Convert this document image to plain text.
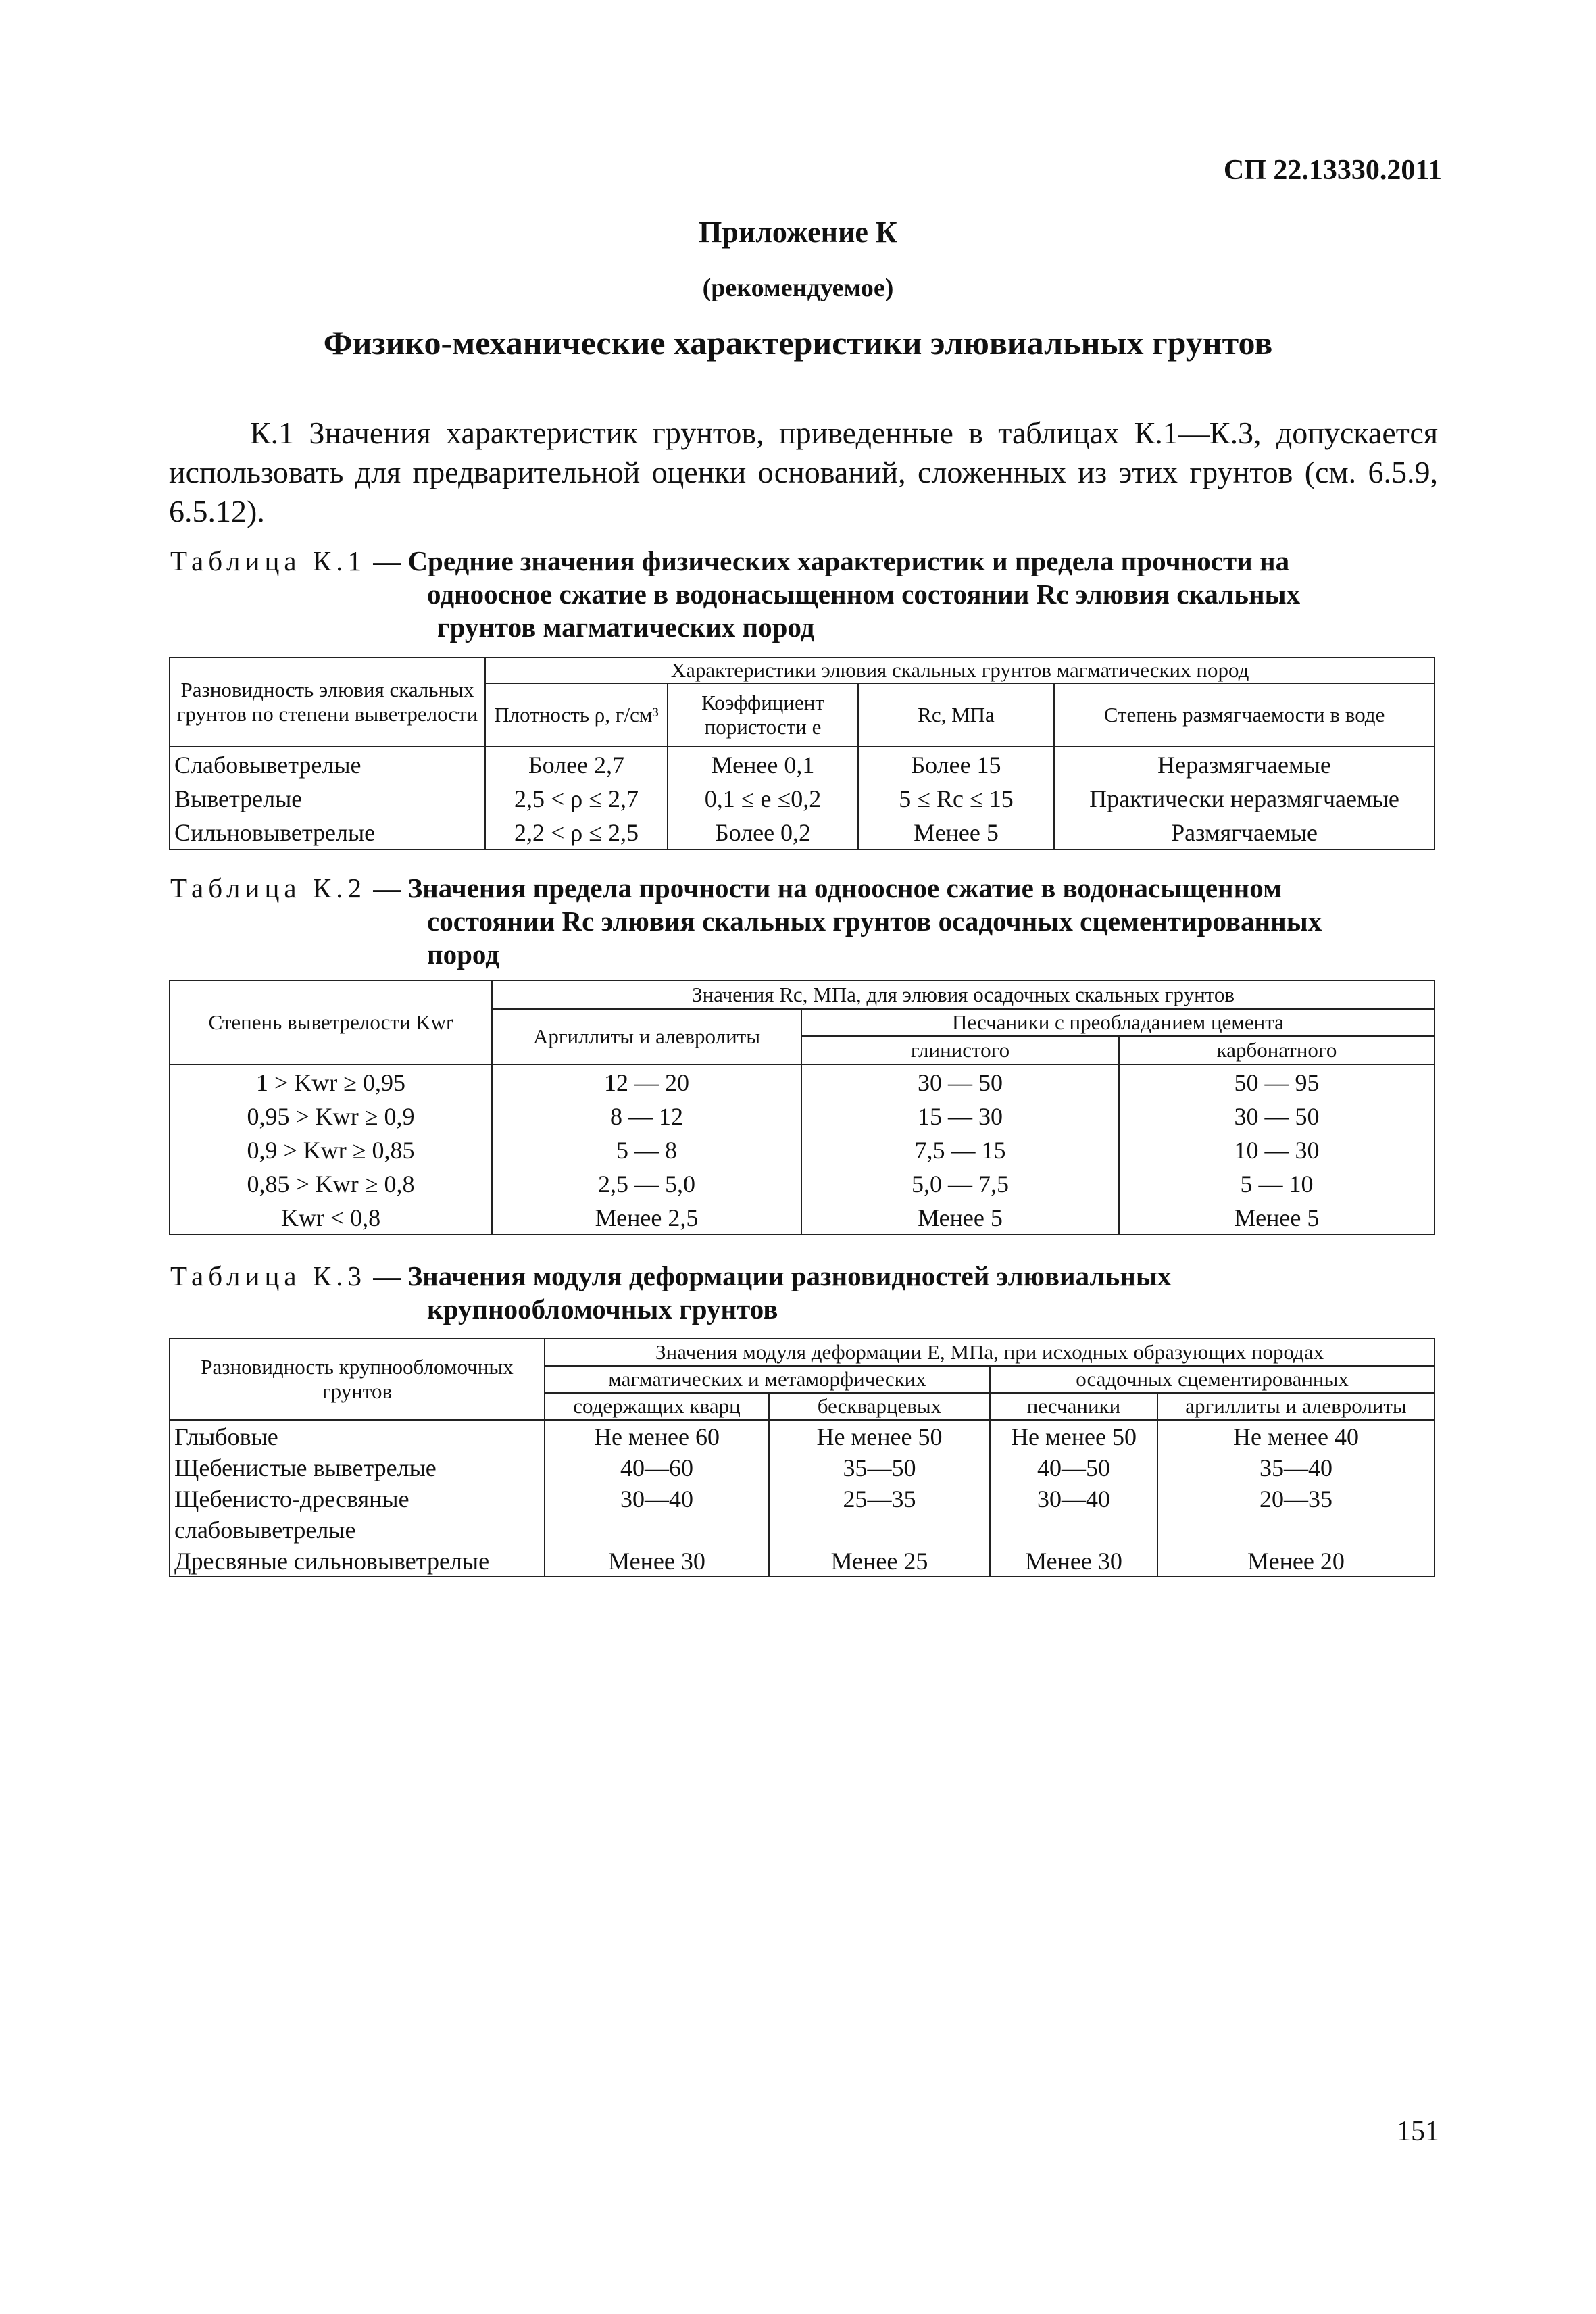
СП 22.13330.2011
Приложение К
(рекомендуемое)
Физико-механические характеристики элювиальных грунтов
К.1 Значения характеристик грунтов, приведенные в таблицах К.1—К.3, допускается использовать для предварительной оценки оснований, сложенных из этих грунтов (см. 6.5.9, 6.5.12).
Таблица К.1 — Средние значения физических характеристик и предела прочности на
одноосное сжатие в водонасыщенном состоянии Rc элювия скальных
грунтов магматических пород
Разновидность элювия скальных грунтов по степени выветрелости	Характеристики элювия скальных грунтов магматических пород			
	Плотность ρ, г/см³	Коэффициент пористости e	Rc, МПа	Степень размягчаемости в воде
Слабовыветрелые	Более 2,7	Менее 0,1	Более 15	Неразмягчаемые
Выветрелые	2,5 < ρ ≤ 2,7	0,1 ≤ e ≤0,2	5 ≤ Rc ≤ 15	Практически неразмягчаемые
Сильновыветрелые	2,2 < ρ ≤ 2,5	Более 0,2	Менее 5	Размягчаемые
Таблица К.2 — Значения предела прочности на одноосное сжатие в водонасыщенном
состоянии Rc элювия скальных грунтов осадочных сцементированных
пород
Степень выветрелости Kwr	Значения Rc, МПа, для элювия осадочных скальных грунтов		
	Аргиллиты и алевролиты	Песчаники с преобладанием цемента	
		глинистого	карбонатного
1 > Kwr ≥ 0,95	12 — 20	30 — 50	50 — 95
0,95 > Kwr ≥ 0,9	8 — 12	15 — 30	30 — 50
0,9 > Kwr ≥ 0,85	5 — 8	7,5 — 15	10 — 30
0,85 > Kwr ≥ 0,8	2,5 — 5,0	5,0 — 7,5	5 — 10
Kwr < 0,8	Менее 2,5	Менее 5	Менее 5
Таблица К.3 — Значения модуля деформации разновидностей элювиальных
крупнообломочных грунтов
Разновидность крупнообломочных грунтов	Значения модуля деформации E, МПа, при исходных образующих породах			
	магматических и метаморфических		осадочных сцементированных	
	содержащих кварц	бескварцевых	песчаники	аргиллиты и алевролиты
Глыбовые	Не менее 60	Не менее 50	Не менее 50	Не менее 40
Щебенистые выветрелые	40—60	35—50	40—50	35—40
Щебенисто-дресвяные слабовыветрелые	30—40	25—35	30—40	20—35
Дресвяные сильновыветрелые	Менее 30	Менее 25	Менее 30	Менее 20
151
